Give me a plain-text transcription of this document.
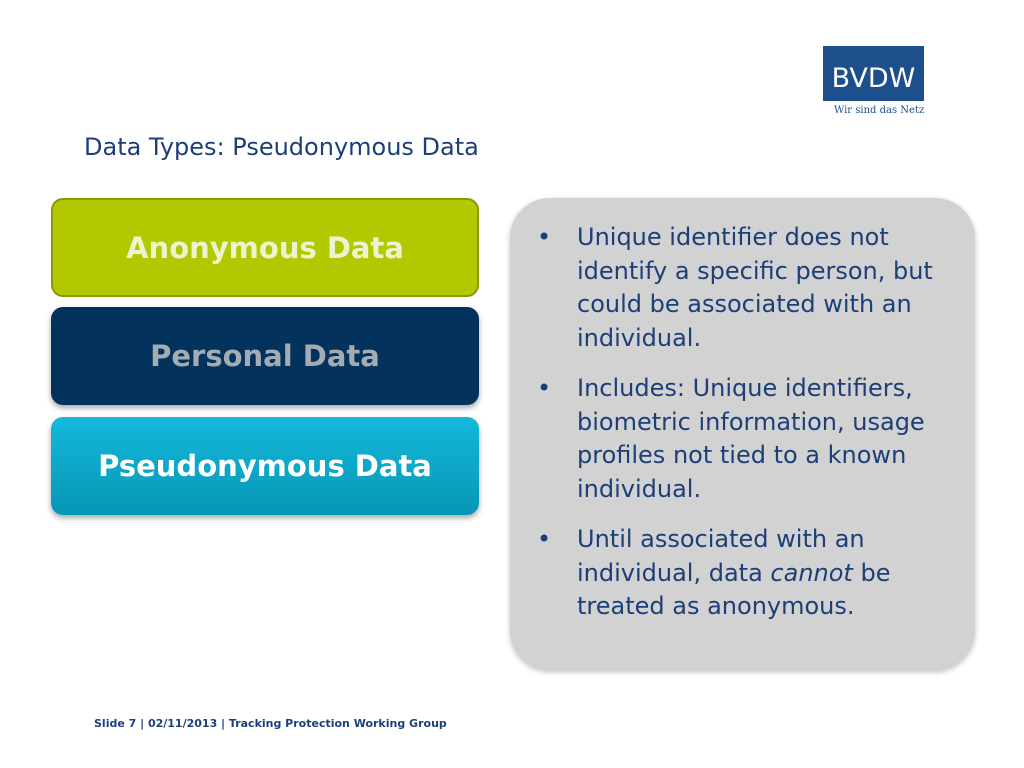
BVDW
Wir sind das Netz
Data Types: Pseudonymous Data
Anonymous Data
Personal Data
Pseudonymous Data
•	Unique identifier does not identify a specific person, but could be associated with an individual.
•	Includes: Unique identifiers, biometric information, usage profiles not tied to a known individual.
•	Until associated with an individual, data cannot be treated as anonymous.
Slide 7 | 02/11/2013 | Tracking Protection Working Group
